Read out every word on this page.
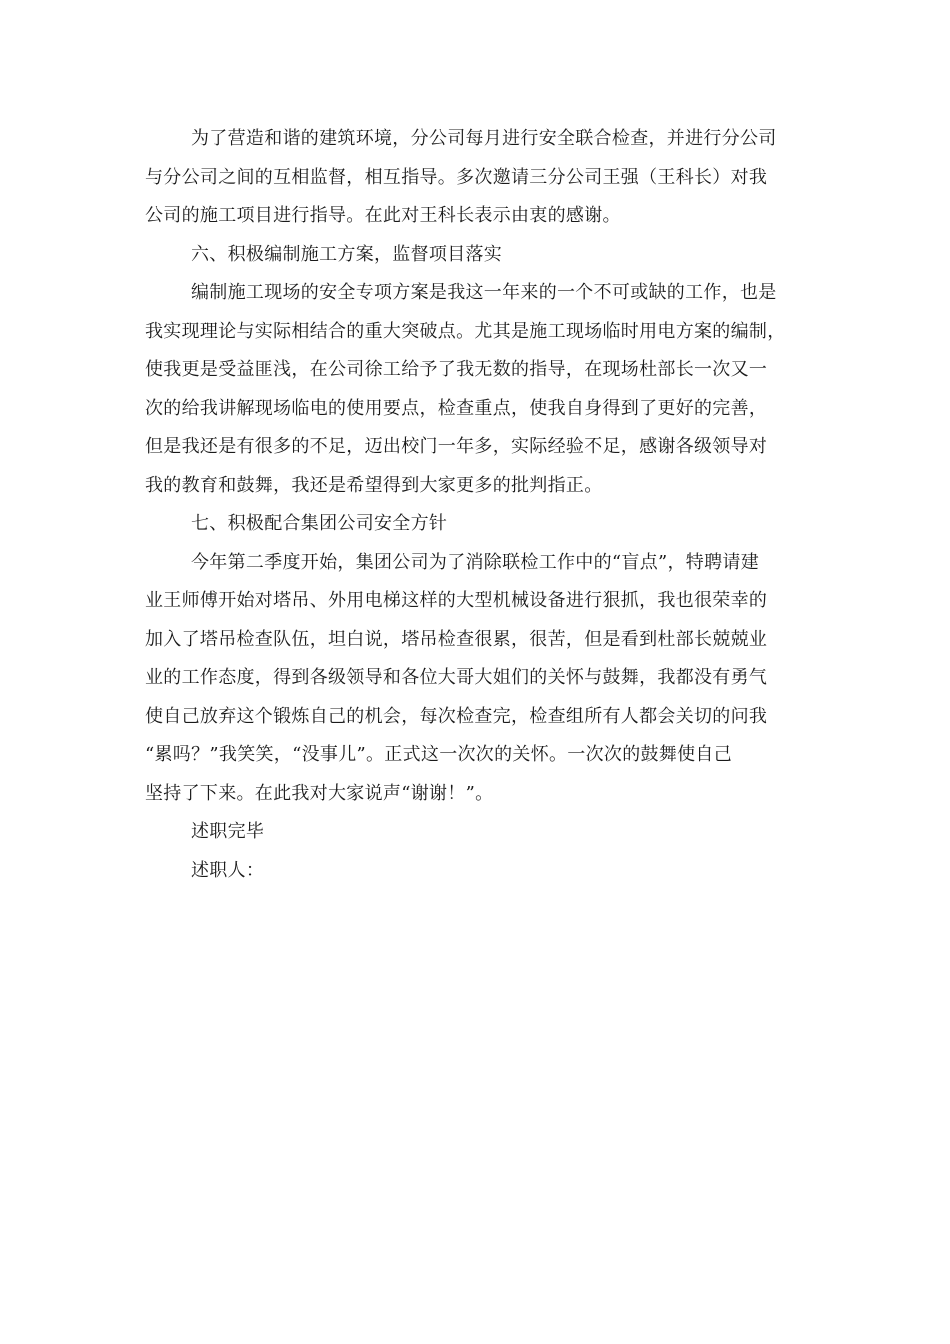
为了营造和谐的建筑环境，分公司每月进行安全联合检查，并进行分公司
与分公司之间的互相监督，相互指导。多次邀请三分公司王强（王科长）对我
公司的施工项目进行指导。在此对王科长表示由衷的感谢。
六、积极编制施工方案，监督项目落实
编制施工现场的安全专项方案是我这一年来的一个不可或缺的工作，也是
我实现理论与实际相结合的重大突破点。尤其是施工现场临时用电方案的编制，
使我更是受益匪浅，在公司徐工给予了我无数的指导，在现场杜部长一次又一
次的给我讲解现场临电的使用要点，检查重点，使我自身得到了更好的完善，
但是我还是有很多的不足，迈出校门一年多，实际经验不足，感谢各级领导对
我的教育和鼓舞，我还是希望得到大家更多的批判指正。
七、积极配合集团公司安全方针
今年第二季度开始，集团公司为了消除联检工作中的“盲点”，特聘请建
业王师傅开始对塔吊、外用电梯这样的大型机械设备进行狠抓，我也很荣幸的
加入了塔吊检查队伍，坦白说，塔吊检查很累，很苦，但是看到杜部长兢兢业
业的工作态度，得到各级领导和各位大哥大姐们的关怀与鼓舞，我都没有勇气
使自己放弃这个锻炼自己的机会，每次检查完，检查组所有人都会关切的问我
“累吗？”我笑笑，“没事儿”。正式这一次次的关怀。一次次的鼓舞使自己
坚持了下来。在此我对大家说声“谢谢！”。
述职完毕
述职人：
